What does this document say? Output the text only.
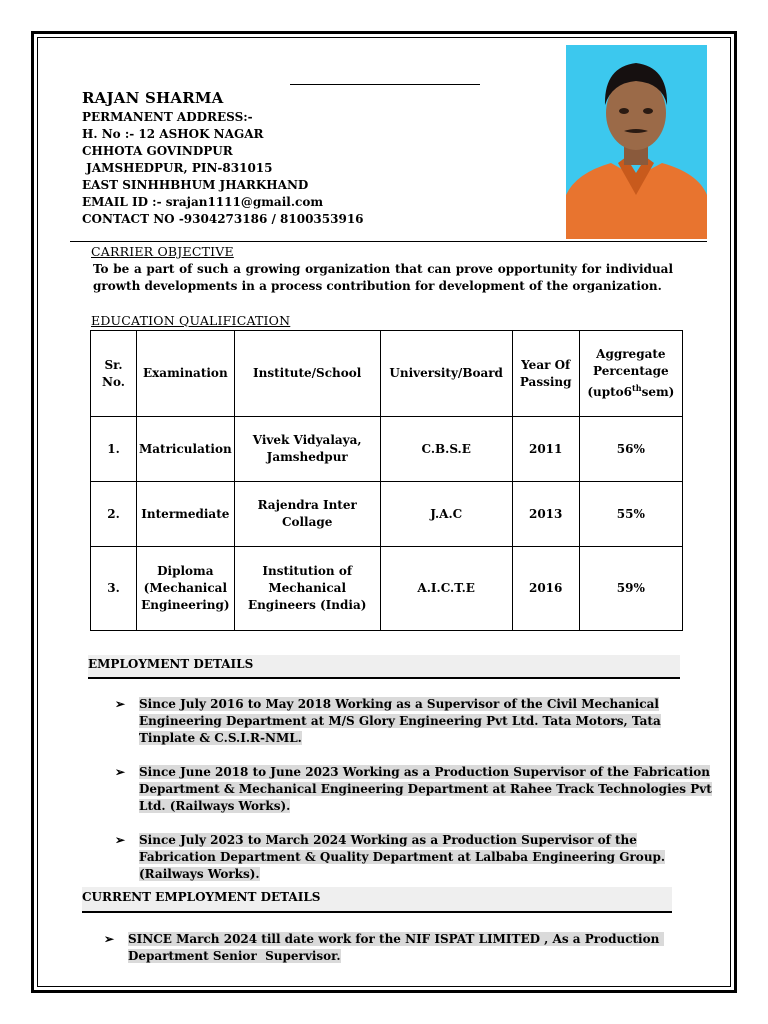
RAJAN SHARMA
PERMANENT ADDRESS:-
H. No :- 12 ASHOK NAGAR
CHHOTA GOVINDPUR
JAMSHEDPUR, PIN-831015
EAST SINHHBHUM JHARKHAND
EMAIL ID :- srajan1111@gmail.com
CONTACT NO -9304273186 / 8100353916
CARRIER OBJECTIVE
To be a part of such a growing organization that can prove opportunity for individual growth developments in a process contribution for development of the organization.
EDUCATION QUALIFICATION
Sr. No.	Examination	Institute/School	University/Board	Year Of Passing	Aggregate Percentage (upto6thsem)
1.	Matriculation	Vivek Vidyalaya, Jamshedpur	C.B.S.E	2011	56%
2.	Intermediate	Rajendra Inter Collage	J.A.C	2013	55%
3.	Diploma (Mechanical Engineering)	Institution of Mechanical Engineers (India)	A.I.C.T.E	2016	59%
EMPLOYMENT DETAILS
➢ Since July 2016 to May 2018 Working as a Supervisor of the Civil Mechanical Engineering Department at M/S Glory Engineering Pvt Ltd. Tata Motors, Tata Tinplate & C.S.I.R-NML.
➢ Since June 2018 to June 2023 Working as a Production Supervisor of the Fabrication Department & Mechanical Engineering Department at Rahee Track Technologies Pvt Ltd. (Railways Works).
➢ Since July 2023 to March 2024 Working as a Production Supervisor of the Fabrication Department & Quality Department at Lalbaba Engineering Group. (Railways Works).
CURRENT EMPLOYMENT DETAILS
➢ SINCE March 2024 till date work for the NIF ISPAT LIMITED , As a Production Department Senior  Supervisor.
